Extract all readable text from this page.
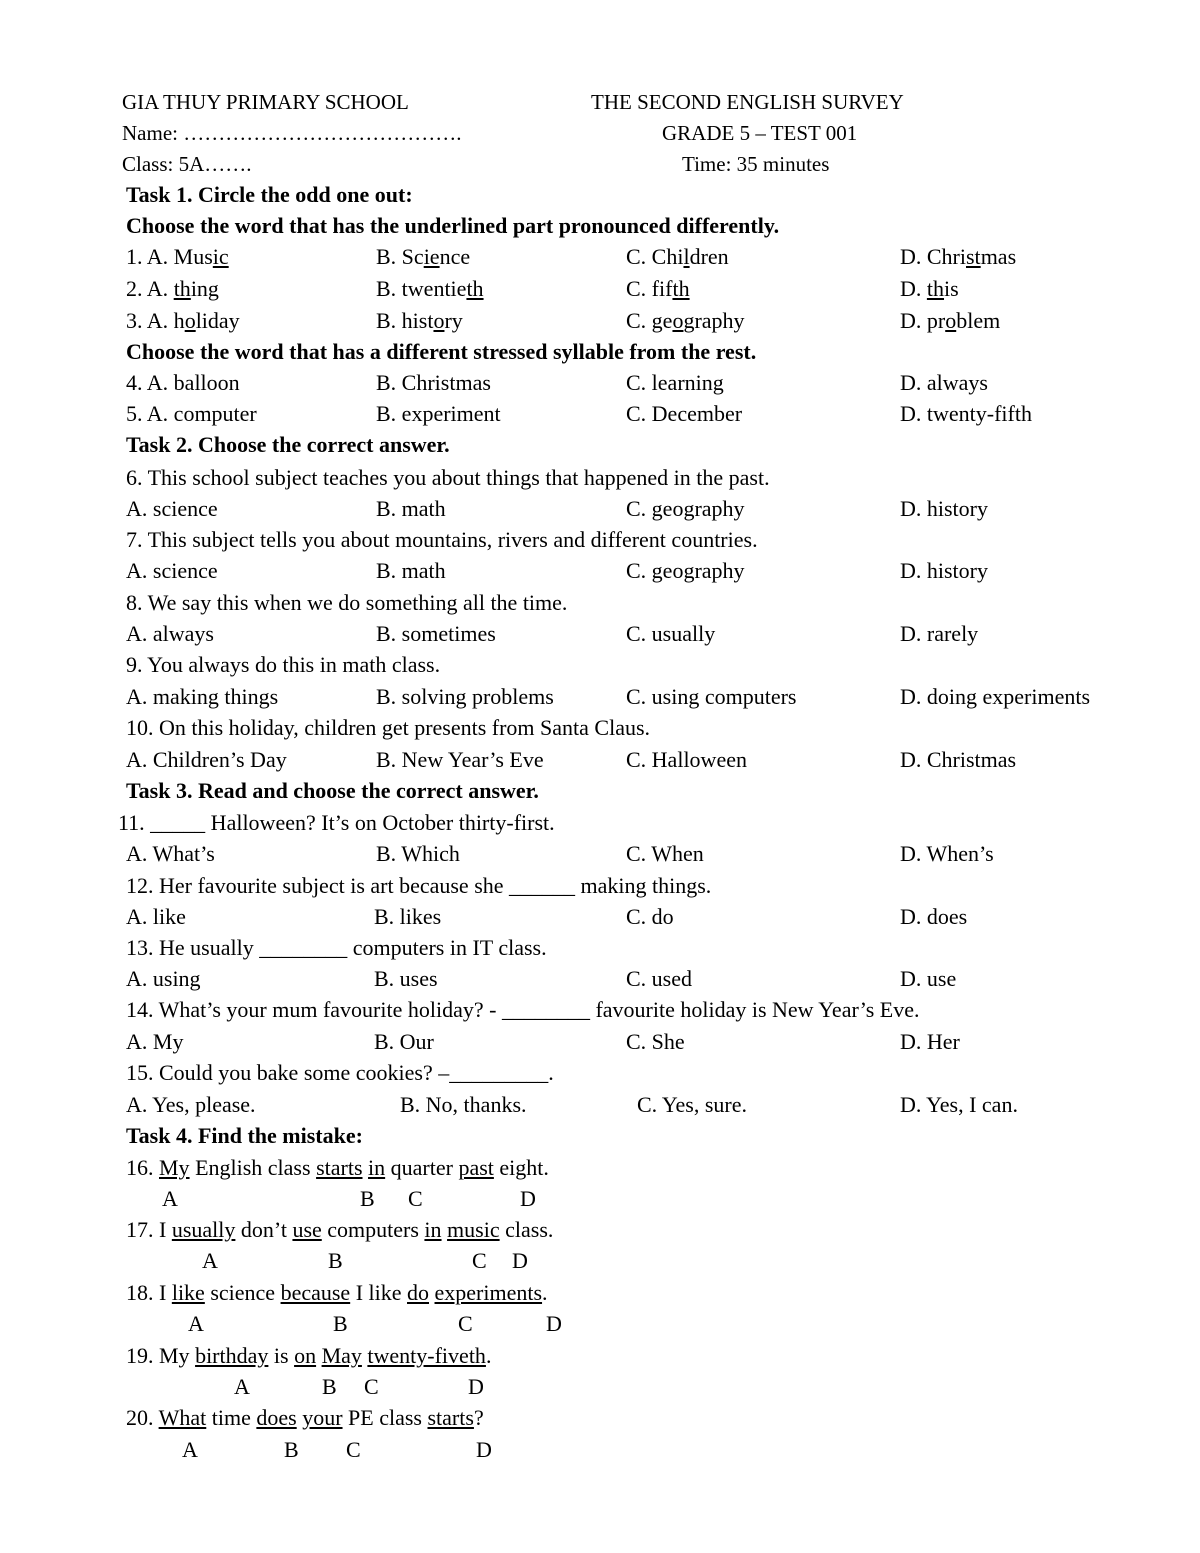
GIA THUY PRIMARY SCHOOL	THE SECOND ENGLISH SURVEY
Name: ………………………………….	GRADE 5 – TEST 001
Class: 5A…….	Time: 35 minutes
Task 1. Circle the odd one out:
Choose the word that has the underlined part pronounced differently.
1. A. Music	B. Science	C. Children	D. Christmas
2. A. thing	B. twentieth	C. fifth	D. this
3. A. holiday	B. history	C. geography	D. problem
Choose the word that has a different stressed syllable from the rest.
4. A. balloon	B. Christmas	C. learning	D. always
5. A. computer	B. experiment	C. December	D. twenty-fifth
Task 2. Choose the correct answer.
6. This school subject teaches you about things that happened in the past.
A. science	B. math	C. geography	D. history
7. This subject tells you about mountains, rivers and different countries.
A. science	B. math	C. geography	D. history
8. We say this when we do something all the time.
A. always	B. sometimes	C. usually	D. rarely
9. You always do this in math class.
A. making things	B. solving problems	C. using computers	D. doing experiments
10. On this holiday, children get presents from Santa Claus.
A. Children’s Day	B. New Year’s Eve	C. Halloween	D. Christmas
Task 3. Read and choose the correct answer.
11. _____ Halloween? It’s on October thirty-first.
A. What’s	B. Which	C. When	D. When’s
12. Her favourite subject is art because she ______ making things.
A. like	B. likes	C. do	D. does
13. He usually ________ computers in IT class.
A. using	B. uses	C. used	D. use
14. What’s your mum favourite holiday? - ________ favourite holiday is New Year’s Eve.
A. My	B. Our	C. She	D. Her
15. Could you bake some cookies? –_________.
A. Yes, please.	B. No, thanks.	C. Yes, sure.	D. Yes, I can.
Task 4. Find the mistake:
16. My English class starts in quarter past eight.
A	B C	D
17. I usually don’t use computers in music class.
A	B	C D
18. I like science because I like do experiments.
A	B	C	D
19. My birthday is on May twenty-fiveth.
A	B C	D
20. What time does your PE class starts?
A	B C	D
